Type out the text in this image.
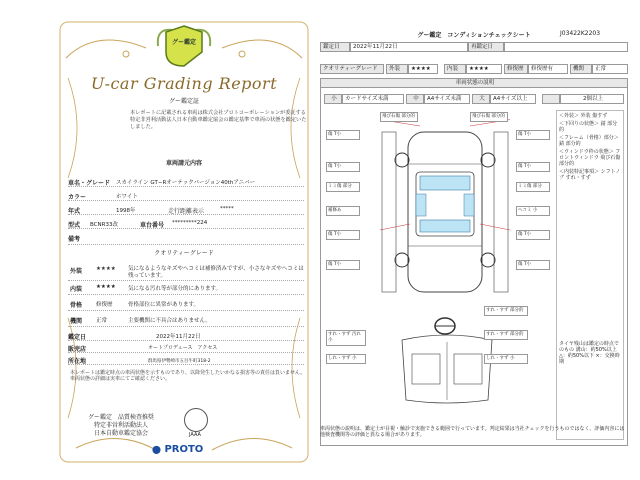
グー鑑定
U-car Grading Report
グー鑑定証
本レポートに記載される車両は株式会社プロトコーポレーションが委託する特定非営利活動法人日本自動車鑑定協会の鑑定基準で車両の状態を鑑定いたしました。
車両請元内容
車名・グレード スカイライン GT−Rオーテックバージョン40thアニバー
カラー	ホワイト
年式	1998年	走行距離表示	*****
型式 BCNR33改	車台番号 *********224
備考
クオリティーグレード
外装	★★★★ 気になるようなキズやヘコミは補修済みですが、小さなキズやヘコミは残っています。
内装	★★★★ 気になる汚れ等が部分的にあります。
骨格	修復歴	骨格部位に異常があります。
機関	正常	主要機関に不具合はありません。
鑑定日	2022年11月22日
販売店	オートプロデュース　アクセス
所在地	群馬県伊勢崎市五目牛町318-2
本レポートは鑑定時点の車両状態を示すものであり、以降発生したいかなる損害等の責任は負いません。車両状態の詳細は実車にてご確認ください。
グー鑑定　品質検査推奨
特定非営利活動法人
日本自動車鑑定協会	JAAA
⬤ PROTO
グー鑑定　コンディションチェックシート	J03422K2203
鑑定日	2022年11月22日	再鑑定日
クオリティーグレード	外装	★★★★	内装	★★★★	修復歴	修復歴有	機関	正常
車両状態の説明
小	カードサイズ未満	中	A4サイズ未満	大	A4サイズ以上	2個以上
傷 T小
傷 T小
ミミ傷 部分
補修あ
傷 T小
傷 T小
飛び石傷 部分的	飛び石傷 部分的
傷 T小
傷 T小
ミミ傷 部分
ヘコミ 小
傷 T小
傷 T小
すれ・すず 汚れ 小
しれ・すず 小
すれ・すず 部分的
すれ・すず 部分的
しれ・すず 小
＜外装＞ 外装 傷すず
＜下回りの状態＞ 錆 部分的
＜フレーム（骨格）部分＞ 錆 部分的
＜ウィンドウ枠の状態＞ フロントウィンドウ 飛び石傷 部分的
＜内装特記事項＞ シフトノブ すれ・すず
タイヤ残山は鑑定の時点でのもの 溝山：約50%以上 △：約50%以下 ×：交換時期
車両状態の説明は、鑑定士が目視・触診で実施できる範囲で行っています。判定結果は当社チェックを行うものではなく、評価内容には他検査機関等の評価と異なる場合があります。
